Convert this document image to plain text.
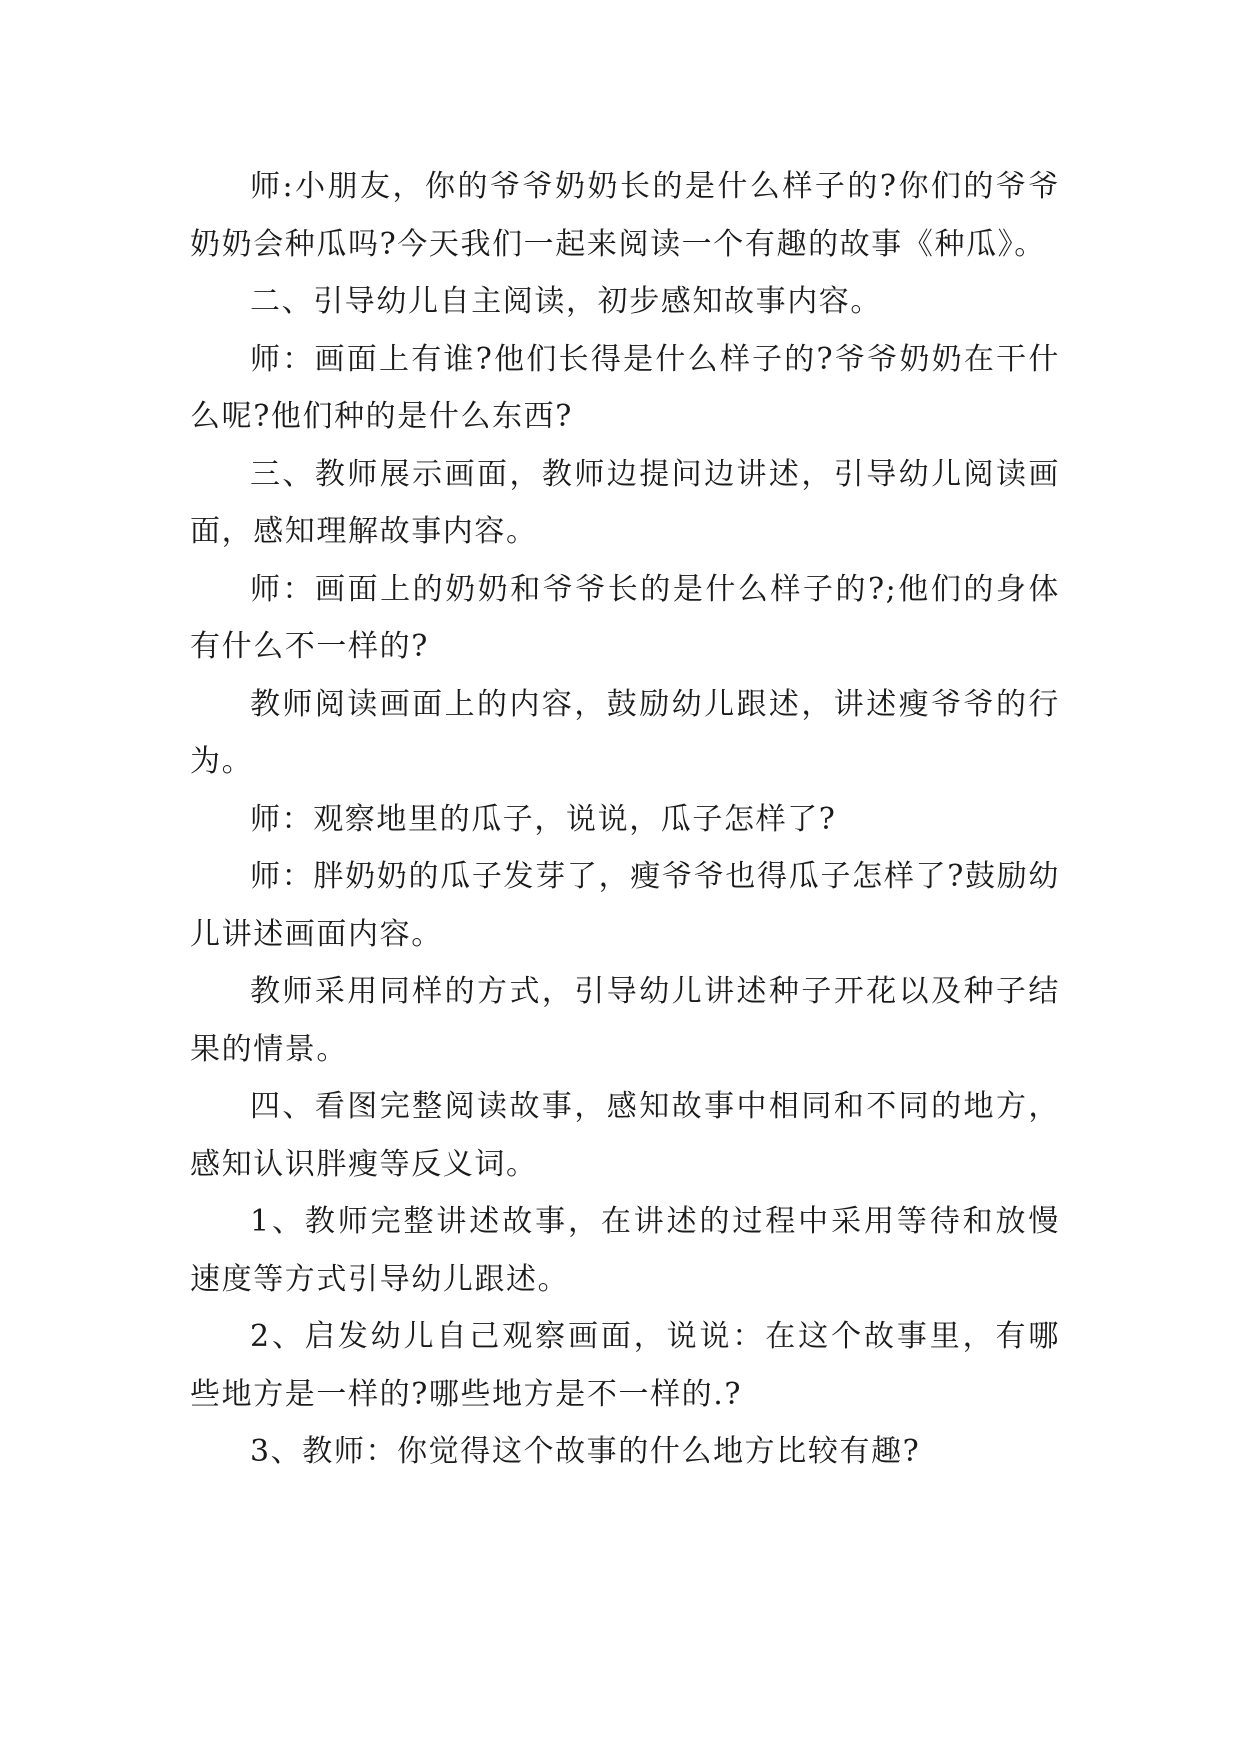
师:小朋友，你的爷爷奶奶长的是什么样子的?你们的爷爷奶奶会种瓜吗?今天我们一起来阅读一个有趣的故事《种瓜》。

二、引导幼儿自主阅读，初步感知故事内容。

师：画面上有谁?他们长得是什么样子的?爷爷奶奶在干什么呢?他们种的是什么东西?

三、教师展示画面，教师边提问边讲述，引导幼儿阅读画面，感知理解故事内容。

师：画面上的奶奶和爷爷长的是什么样子的?;他们的身体有什么不一样的?

教师阅读画面上的内容，鼓励幼儿跟述，讲述瘦爷爷的行为。

师：观察地里的瓜子，说说，瓜子怎样了?

师：胖奶奶的瓜子发芽了，瘦爷爷也得瓜子怎样了?鼓励幼儿讲述画面内容。

教师采用同样的方式，引导幼儿讲述种子开花以及种子结果的情景。

四、看图完整阅读故事，感知故事中相同和不同的地方，感知认识胖瘦等反义词。

1、教师完整讲述故事，在讲述的过程中采用等待和放慢速度等方式引导幼儿跟述。

2、启发幼儿自己观察画面，说说：在这个故事里，有哪些地方是一样的?哪些地方是不一样的.?

3、教师：你觉得这个故事的什么地方比较有趣?
